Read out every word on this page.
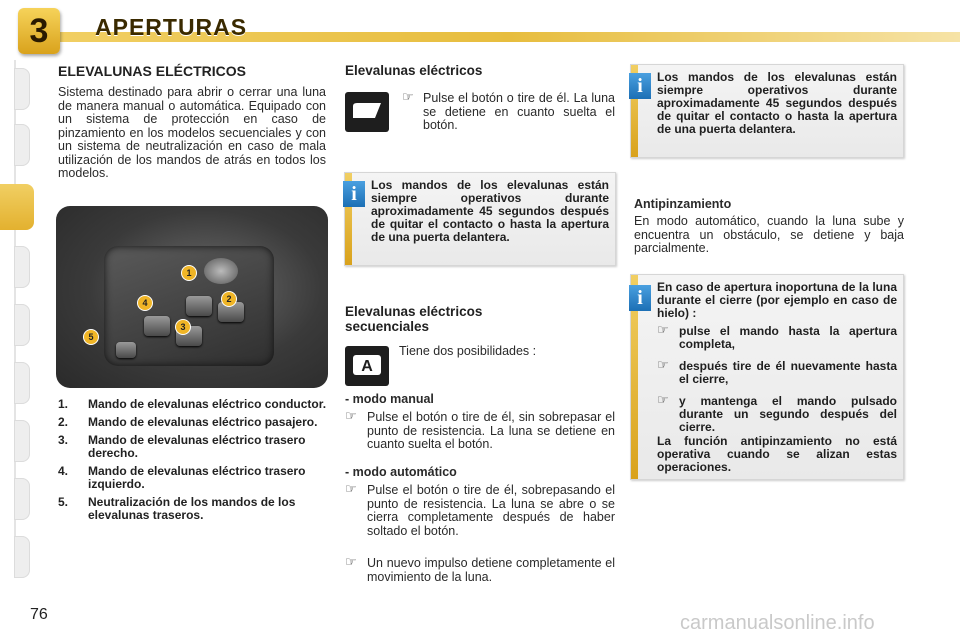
3	APERTURAS
ELEVALUNAS ELÉCTRICOS
Sistema destinado para abrir o cerrar una luna de manera manual o automática. Equipado con un sistema de protección en caso de pinzamiento en los modelos secuenciales y con un sistema de neutralización en caso de mala utilización de los mandos de atrás en todos los modelos.
1
2
3
4
5
1. Mando de elevalunas eléctrico conductor.
2. Mando de elevalunas eléctrico pasajero.
3. Mando de elevalunas eléctrico trasero derecho.
4. Mando de elevalunas eléctrico trasero izquierdo.
5. Neutralización de los mandos de los elevalunas traseros.
Elevalunas eléctricos
☞ Pulse el botón o tire de él. La luna se detiene en cuanto suelta el botón.
i	Los mandos de los elevalunas están siempre operativos durante aproximadamente 45 segundos después de quitar el contacto o hasta la apertura de una puerta delantera.
Elevalunas eléctricos secuenciales
A
Tiene dos posibilidades :
- modo manual
☞ Pulse el botón o tire de él, sin sobrepasar el punto de resistencia. La luna se detiene en cuanto suelta el botón.
- modo automático
☞ Pulse el botón o tire de él, sobrepasando el punto de resistencia. La luna se abre o se cierra completamente después de haber soltado el botón.
☞ Un nuevo impulso detiene completamente el movimiento de la luna.
i	Los mandos de los elevalunas están siempre operativos durante aproximadamente 45 segundos después de quitar el contacto o hasta la apertura de una puerta delantera.
Antipinzamiento
En modo automático, cuando la luna sube y encuentra un obstáculo, se detiene y baja parcialmente.
i	En caso de apertura inoportuna de la luna durante el cierre (por ejemplo en caso de hielo) :
☞ pulse el mando hasta la apertura completa,
☞ después tire de él nuevamente hasta el cierre,
☞ y mantenga el mando pulsado durante un segundo después del cierre.
La función antipinzamiento no está operativa cuando se alizan estas operaciones.
76	carmanualsonline.info
